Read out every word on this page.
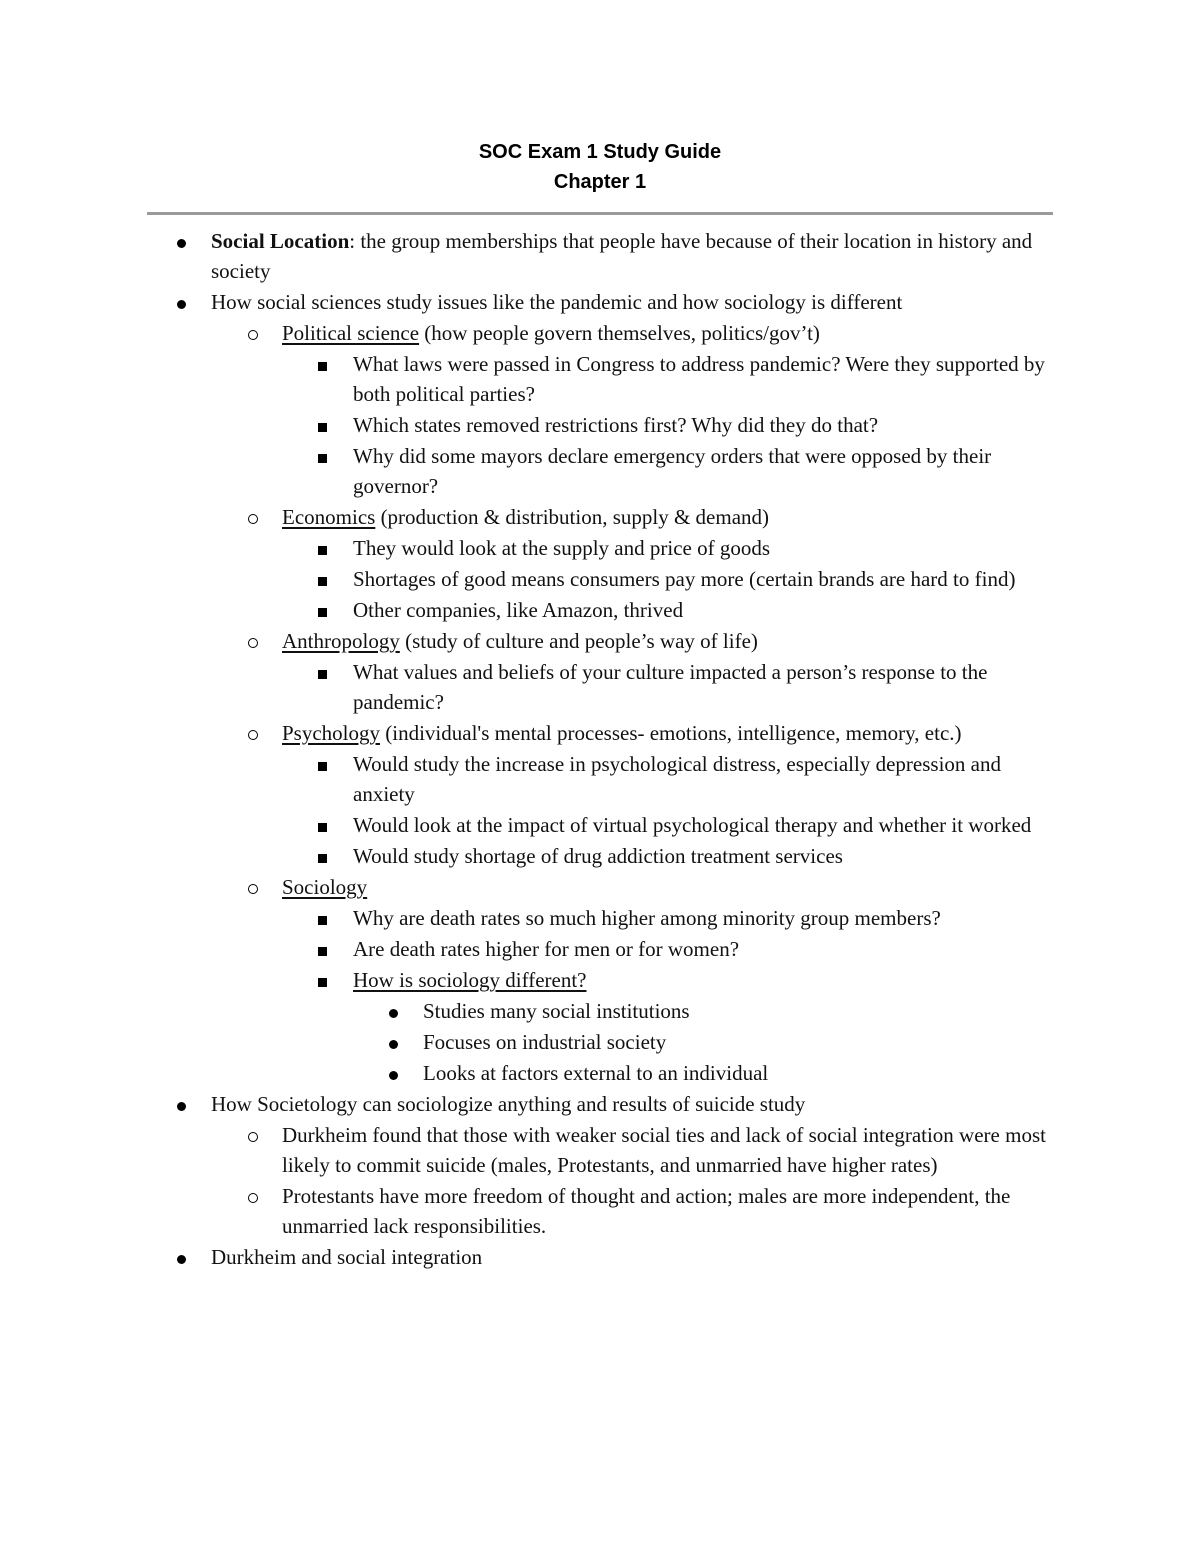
SOC Exam 1 Study Guide
Chapter 1
Social Location: the group memberships that people have because of their location in history and society
How social sciences study issues like the pandemic and how sociology is different
Political science (how people govern themselves, politics/gov’t)
What laws were passed in Congress to address pandemic? Were they supported by both political parties?
Which states removed restrictions first? Why did they do that?
Why did some mayors declare emergency orders that were opposed by their governor?
Economics (production & distribution, supply & demand)
They would look at the supply and price of goods
Shortages of good means consumers pay more (certain brands are hard to find)
Other companies, like Amazon, thrived
Anthropology (study of culture and people’s way of life)
What values and beliefs of your culture impacted a person’s response to the pandemic?
Psychology (individual's mental processes- emotions, intelligence, memory, etc.)
Would study the increase in psychological distress, especially depression and anxiety
Would look at the impact of virtual psychological therapy and whether it worked
Would study shortage of drug addiction treatment services
Sociology
Why are death rates so much higher among minority group members?
Are death rates higher for men or for women?
How is sociology different?
Studies many social institutions
Focuses on industrial society
Looks at factors external to an individual
How Societology can sociologize anything and results of suicide study
Durkheim found that those with weaker social ties and lack of social integration were most likely to commit suicide (males, Protestants, and unmarried have higher rates)
Protestants have more freedom of thought and action; males are more independent, the unmarried lack responsibilities.
Durkheim and social integration
